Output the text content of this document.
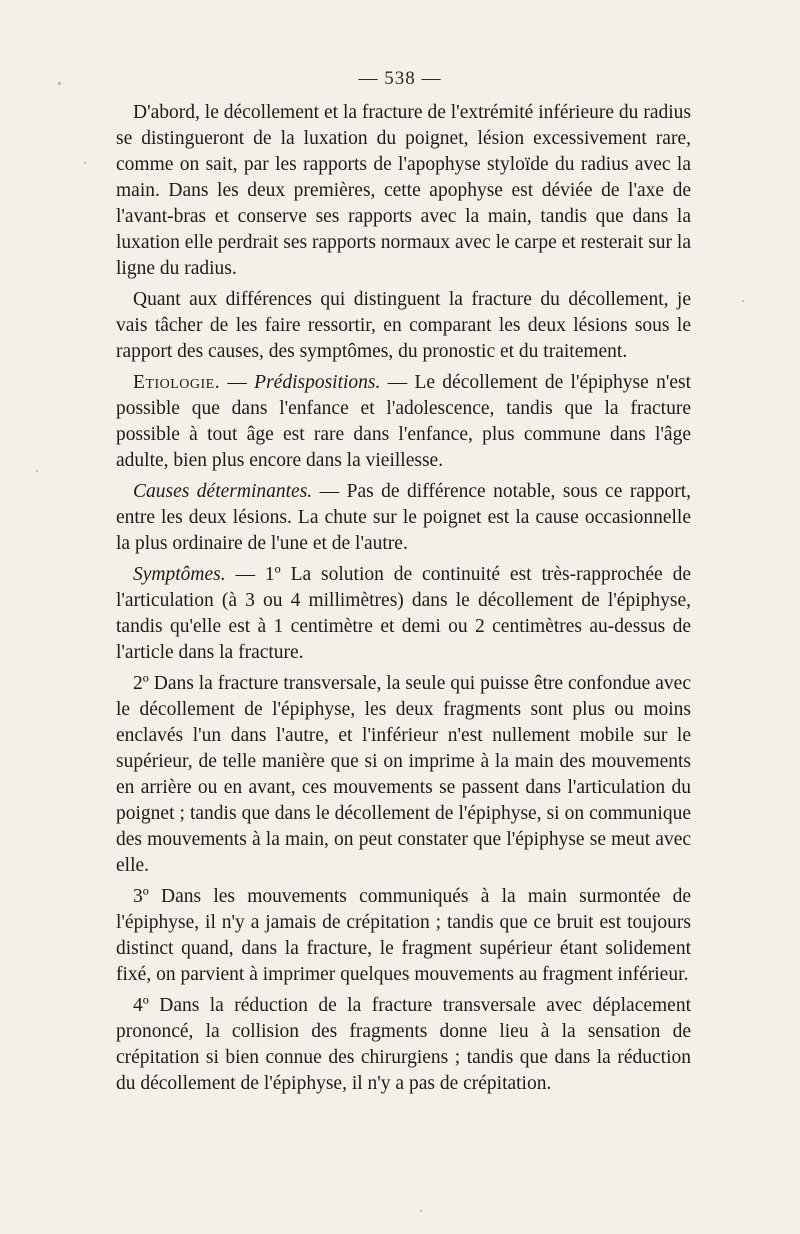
— 538 —

D'abord, le décollement et la fracture de l'extrémité inférieure du radius se distingueront de la luxation du poignet, lésion excessivement rare, comme on sait, par les rapports de l'apophyse styloïde du radius avec la main. Dans les deux premières, cette apophyse est déviée de l'axe de l'avant-bras et conserve ses rapports avec la main, tandis que dans la luxation elle perdrait ses rapports normaux avec le carpe et resterait sur la ligne du radius.

Quant aux différences qui distinguent la fracture du décollement, je vais tâcher de les faire ressortir, en comparant les deux lésions sous le rapport des causes, des symptômes, du pronostic et du traitement.

Etiologie. — Prédispositions. — Le décollement de l'épiphyse n'est possible que dans l'enfance et l'adolescence, tandis que la fracture possible à tout âge est rare dans l'enfance, plus commune dans l'âge adulte, bien plus encore dans la vieillesse.

Causes déterminantes. — Pas de différence notable, sous ce rapport, entre les deux lésions. La chute sur le poignet est la cause occasionnelle la plus ordinaire de l'une et de l'autre.

Symptômes. — 1º La solution de continuité est très-rapprochée de l'articulation (à 3 ou 4 millimètres) dans le décollement de l'épiphyse, tandis qu'elle est à 1 centimètre et demi ou 2 centimètres au-dessus de l'article dans la fracture.

2º Dans la fracture transversale, la seule qui puisse être confondue avec le décollement de l'épiphyse, les deux fragments sont plus ou moins enclavés l'un dans l'autre, et l'inférieur n'est nullement mobile sur le supérieur, de telle manière que si on imprime à la main des mouvements en arrière ou en avant, ces mouvements se passent dans l'articulation du poignet ; tandis que dans le décollement de l'épiphyse, si on communique des mouvements à la main, on peut constater que l'épiphyse se meut avec elle.

3º Dans les mouvements communiqués à la main surmontée de l'épiphyse, il n'y a jamais de crépitation ; tandis que ce bruit est toujours distinct quand, dans la fracture, le fragment supérieur étant solidement fixé, on parvient à imprimer quelques mouvements au fragment inférieur.

4º Dans la réduction de la fracture transversale avec déplacement prononcé, la collision des fragments donne lieu à la sensation de crépitation si bien connue des chirurgiens ; tandis que dans la réduction du décollement de l'épiphyse, il n'y a pas de crépitation.
